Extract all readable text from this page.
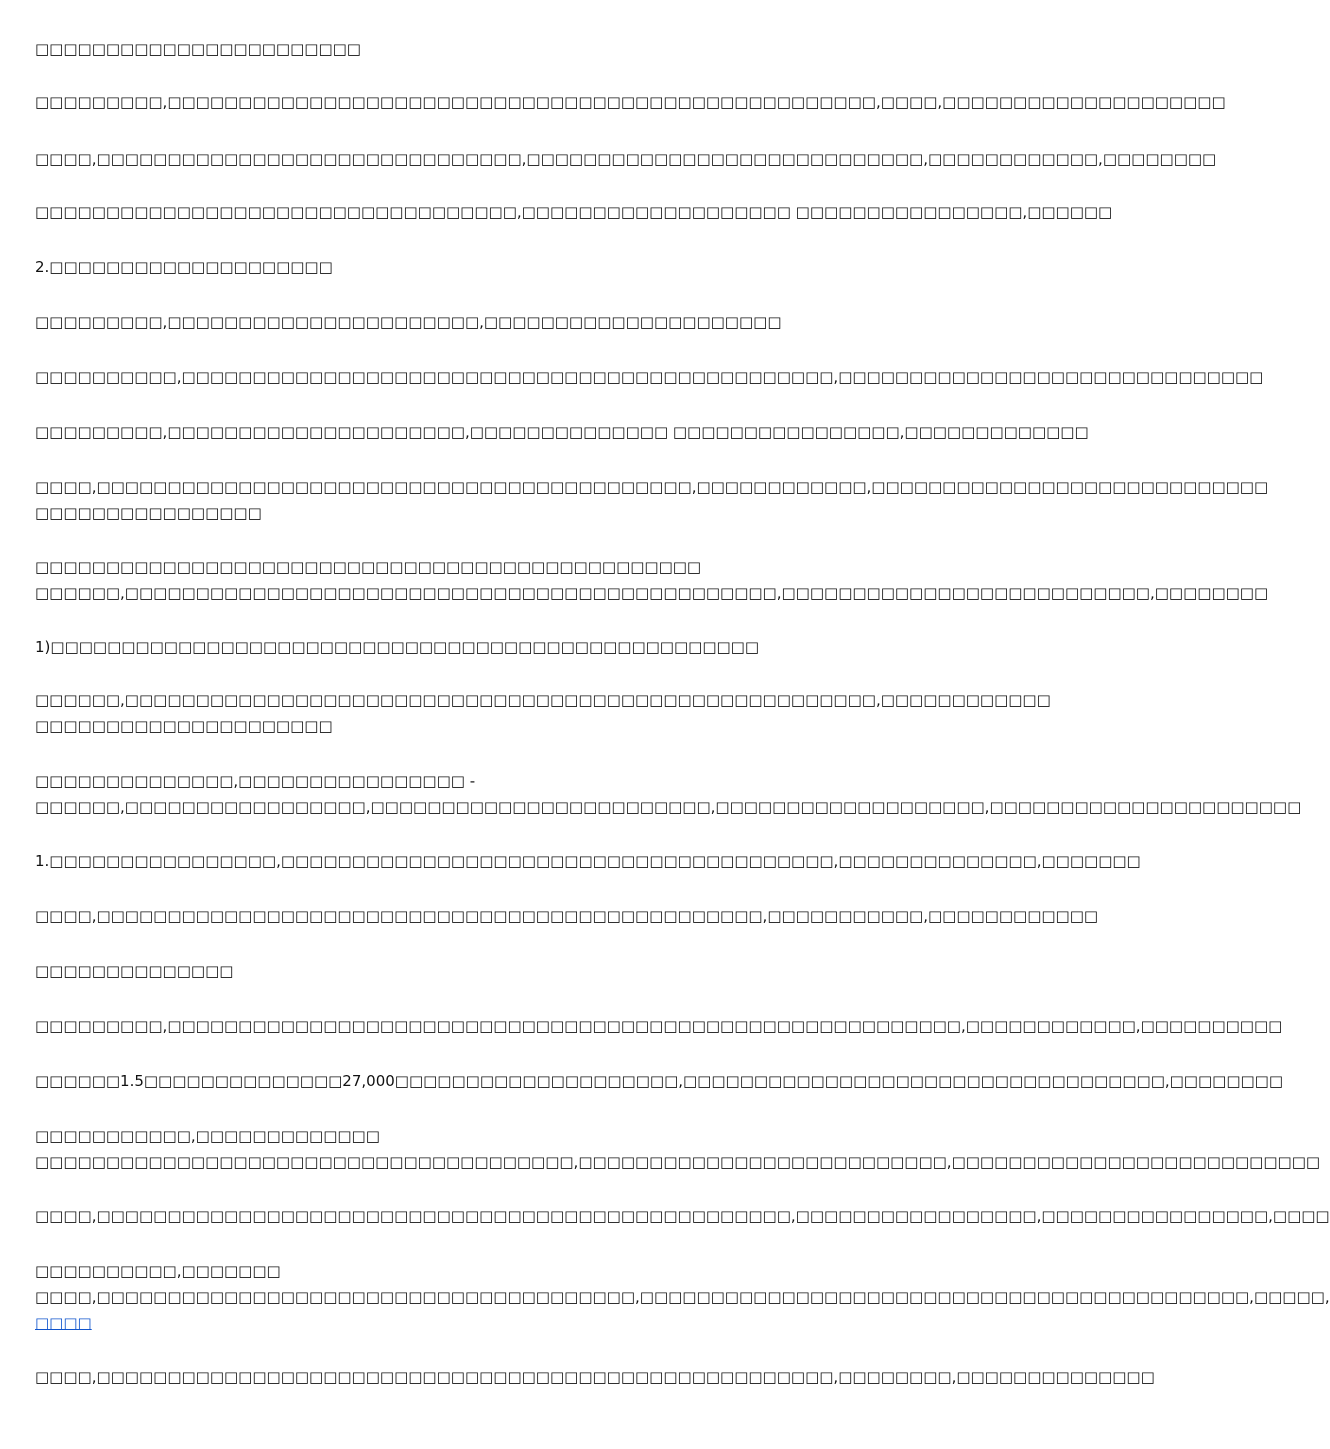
□□□□□□□□□□□□□□□□□□□□□□□
□□□□□□□□□,□□□□□□□□□□□□□□□□□□□□□□□□□□□□□□□□□□□□□□□□□□□□□□□□□□,□□□□,□□□□□□□□□□□□□□□□□□□□
□□□□,□□□□□□□□□□□□□□□□□□□□□□□□□□□□□□,□□□□□□□□□□□□□□□□□□□□□□□□□□□□,□□□□□□□□□□□□,□□□□□□□□
□□□□□□□□□□□□□□□□□□□□□□□□□□□□□□□□□□,□□□□□□□□□□□□□□□□□□□ □□□□□□□□□□□□□□□□,□□□□□□
2.□□□□□□□□□□□□□□□□□□□□
□□□□□□□□□,□□□□□□□□□□□□□□□□□□□□□□,□□□□□□□□□□□□□□□□□□□□□
□□□□□□□□□□,□□□□□□□□□□□□□□□□□□□□□□□□□□□□□□□□□□□□□□□□□□□□□□,□□□□□□□□□□□□□□□□□□□□□□□□□□□□□□
□□□□□□□□□,□□□□□□□□□□□□□□□□□□□□□,□□□□□□□□□□□□□□ □□□□□□□□□□□□□□□□,□□□□□□□□□□□□□
□□□□,□□□□□□□□□□□□□□□□□□□□□□□□□□□□□□□□□□□□□□□□□□,□□□□□□□□□□□□,□□□□□□□□□□□□□□□□□□□□□□□□□□□□
□□□□□□□□□□□□□□□□
□□□□□□□□□□□□□□□□□□□□□□□□□□□□□□□□□□□□□□□□□□□□□□□
□□□□□□,□□□□□□□□□□□□□□□□□□□□□□□□□□□□□□□□□□□□□□□□□□□□□□,□□□□□□□□□□□□□□□□□□□□□□□□□□,□□□□□□□□
1)□□□□□□□□□□□□□□□□□□□□□□□□□□□□□□□□□□□□□□□□□□□□□□□□□□
□□□□□□,□□□□□□□□□□□□□□□□□□□□□□□□□□□□□□□□□□□□□□□□□□□□□□□□□□□□□,□□□□□□□□□□□□
□□□□□□□□□□□□□□□□□□□□□
□□□□□□□□□□□□□□,□□□□□□□□□□□□□□□□ -
□□□□□□,□□□□□□□□□□□□□□□□□,□□□□□□□□□□□□□□□□□□□□□□□□,□□□□□□□□□□□□□□□□□□□,□□□□□□□□□□□□□□□□□□□□□□
1.□□□□□□□□□□□□□□□□,□□□□□□□□□□□□□□□□□□□□□□□□□□□□□□□□□□□□□□□,□□□□□□□□□□□□□□,□□□□□□□
□□□□,□□□□□□□□□□□□□□□□□□□□□□□□□□□□□□□□□□□□□□□□□□□□□□□,□□□□□□□□□□□,□□□□□□□□□□□□
□□□□□□□□□□□□□□
□□□□□□□□□,□□□□□□□□□□□□□□□□□□□□□□□□□□□□□□□□□□□□□□□□□□□□□□□□□□□□□□□□,□□□□□□□□□□□□,□□□□□□□□□□
□□□□□□1.5□□□□□□□□□□□□□□27,000□□□□□□□□□□□□□□□□□□□□,□□□□□□□□□□□□□□□□□□□□□□□□□□□□□□□□□□,□□□□□□□□
□□□□□□□□□□□,□□□□□□□□□□□□□
□□□□□□□□□□□□□□□□□□□□□□□□□□□□□□□□□□□□□□,□□□□□□□□□□□□□□□□□□□□□□□□□□,□□□□□□□□□□□□□□□□□□□□□□□□□□
□□□□,□□□□□□□□□□□□□□□□□□□□□□□□□□□□□□□□□□□□□□□□□□□□□□□□□,□□□□□□□□□□□□□□□□□,□□□□□□□□□□□□□□□□,□□□□
□□□□□□□□□□,□□□□□□□
□□□□,□□□□□□□□□□□□□□□□□□□□□□□□□□□□□□□□□□□□□□,□□□□□□□□□□□□□□□□□□□□□□□□□□□□□□□□□□□□□□□□□□□,□□□□□,
□□□□
□□□□,□□□□□□□□□□□□□□□□□□□□□□□□□□□□□□□□□□□□□□□□□□□□□□□□□□□□,□□□□□□□□,□□□□□□□□□□□□□□
